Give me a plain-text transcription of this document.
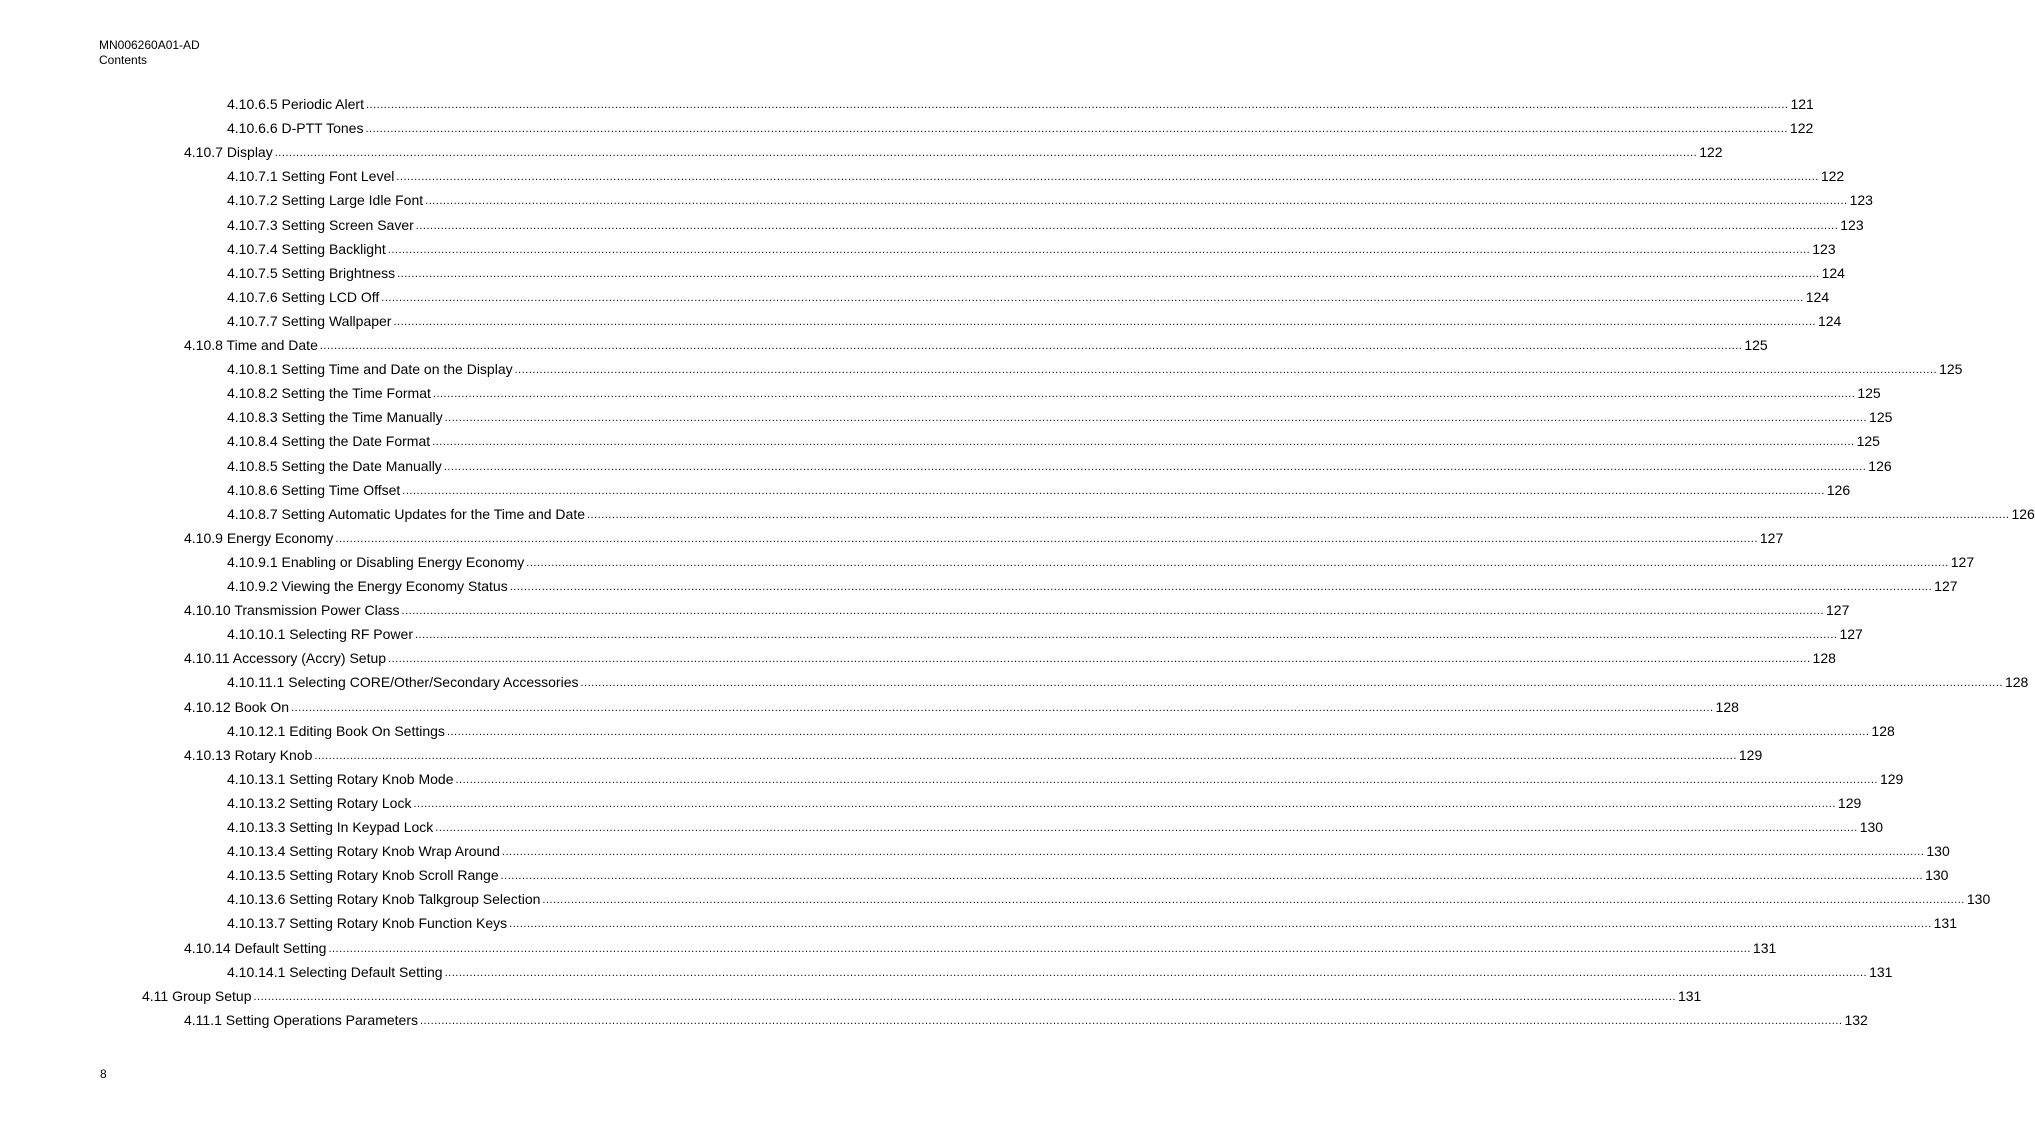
MN006260A01-AD
Contents
4.10.6.5 Periodic Alert ................................................................................................................................................................................................................................................................................................................................................................................................................ 121
4.10.6.6 D-PTT Tones ................................................................................................................................................................................................................................................................................................................................................................................................................ 122
4.10.7 Display ................................................................................................................................................................................................................................................................................................................................................................................................................ 122
4.10.7.1 Setting Font Level ................................................................................................................................................................................................................................................................................................................................................................................................................ 122
4.10.7.2 Setting Large Idle Font ................................................................................................................................................................................................................................................................................................................................................................................................................ 123
4.10.7.3 Setting Screen Saver ................................................................................................................................................................................................................................................................................................................................................................................................................ 123
4.10.7.4 Setting Backlight ................................................................................................................................................................................................................................................................................................................................................................................................................ 123
4.10.7.5 Setting Brightness ................................................................................................................................................................................................................................................................................................................................................................................................................ 124
4.10.7.6 Setting LCD Off ................................................................................................................................................................................................................................................................................................................................................................................................................ 124
4.10.7.7 Setting Wallpaper ................................................................................................................................................................................................................................................................................................................................................................................................................ 124
4.10.8 Time and Date ................................................................................................................................................................................................................................................................................................................................................................................................................ 125
4.10.8.1 Setting Time and Date on the Display ................................................................................................................................................................................................................................................................................................................................................................................................................ 125
4.10.8.2 Setting the Time Format ................................................................................................................................................................................................................................................................................................................................................................................................................ 125
4.10.8.3 Setting the Time Manually ................................................................................................................................................................................................................................................................................................................................................................................................................ 125
4.10.8.4 Setting the Date Format ................................................................................................................................................................................................................................................................................................................................................................................................................ 125
4.10.8.5 Setting the Date Manually ................................................................................................................................................................................................................................................................................................................................................................................................................ 126
4.10.8.6 Setting Time Offset ................................................................................................................................................................................................................................................................................................................................................................................................................ 126
4.10.8.7 Setting Automatic Updates for the Time and Date ................................................................................................................................................................................................................................................................................................................................................................................................................ 126
4.10.9 Energy Economy ................................................................................................................................................................................................................................................................................................................................................................................................................ 127
4.10.9.1 Enabling or Disabling Energy Economy ................................................................................................................................................................................................................................................................................................................................................................................................................ 127
4.10.9.2 Viewing the Energy Economy Status ................................................................................................................................................................................................................................................................................................................................................................................................................ 127
4.10.10 Transmission Power Class ................................................................................................................................................................................................................................................................................................................................................................................................................ 127
4.10.10.1 Selecting RF Power ................................................................................................................................................................................................................................................................................................................................................................................................................ 127
4.10.11 Accessory (Accry) Setup ................................................................................................................................................................................................................................................................................................................................................................................................................ 128
4.10.11.1 Selecting CORE/Other/Secondary Accessories ................................................................................................................................................................................................................................................................................................................................................................................................................ 128
4.10.12 Book On ................................................................................................................................................................................................................................................................................................................................................................................................................ 128
4.10.12.1 Editing Book On Settings ................................................................................................................................................................................................................................................................................................................................................................................................................ 128
4.10.13 Rotary Knob ................................................................................................................................................................................................................................................................................................................................................................................................................ 129
4.10.13.1 Setting Rotary Knob Mode ................................................................................................................................................................................................................................................................................................................................................................................................................ 129
4.10.13.2 Setting Rotary Lock ................................................................................................................................................................................................................................................................................................................................................................................................................ 129
4.10.13.3 Setting In Keypad Lock ................................................................................................................................................................................................................................................................................................................................................................................................................ 130
4.10.13.4 Setting Rotary Knob Wrap Around ................................................................................................................................................................................................................................................................................................................................................................................................................ 130
4.10.13.5 Setting Rotary Knob Scroll Range ................................................................................................................................................................................................................................................................................................................................................................................................................ 130
4.10.13.6 Setting Rotary Knob Talkgroup Selection ................................................................................................................................................................................................................................................................................................................................................................................................................ 130
4.10.13.7 Setting Rotary Knob Function Keys ................................................................................................................................................................................................................................................................................................................................................................................................................ 131
4.10.14 Default Setting ................................................................................................................................................................................................................................................................................................................................................................................................................ 131
4.10.14.1 Selecting Default Setting ................................................................................................................................................................................................................................................................................................................................................................................................................ 131
4.11 Group Setup ................................................................................................................................................................................................................................................................................................................................................................................................................ 131
4.11.1 Setting Operations Parameters ................................................................................................................................................................................................................................................................................................................................................................................................................ 132
8
